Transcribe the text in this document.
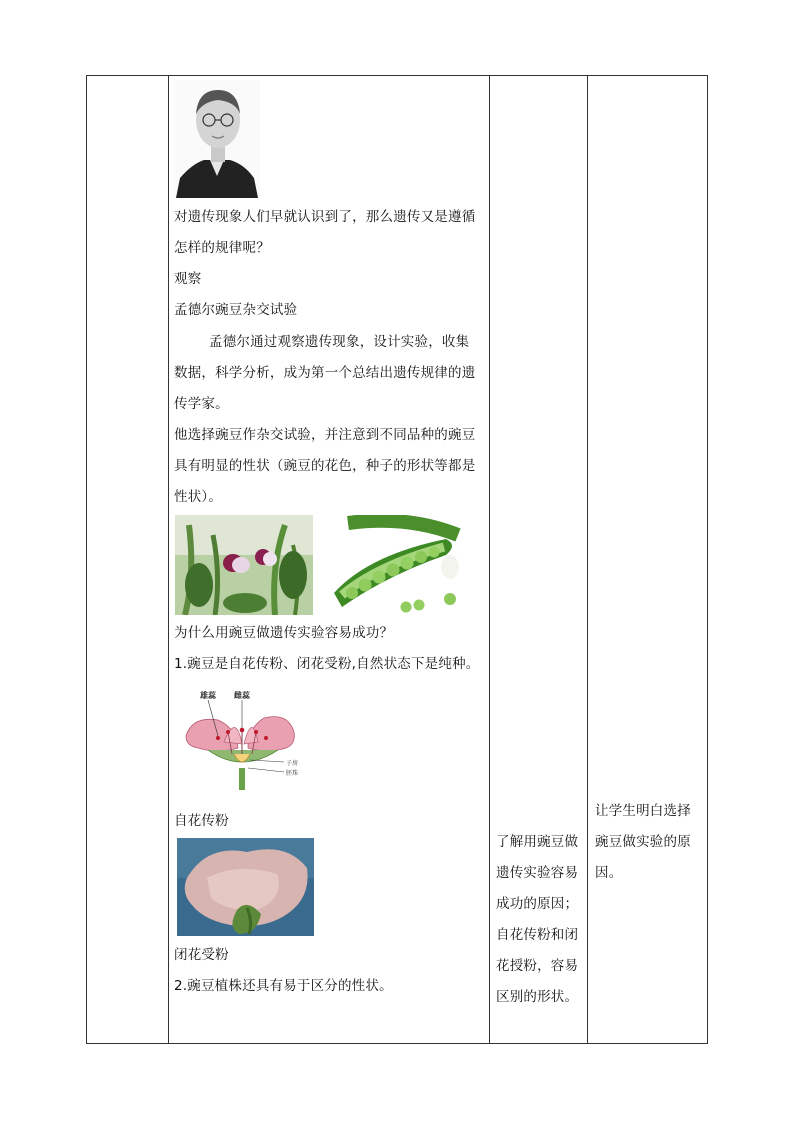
对遗传现象人们早就认识到了，那么遗传又是遵循
怎样的规律呢？
观察
孟德尔豌豆杂交试验
孟德尔通过观察遗传现象，设计实验，收集
数据，科学分析，成为第一个总结出遗传规律的遗
传学家。
他选择豌豆作杂交试验，并注意到不同品种的豌豆
具有明显的性状（豌豆的花色，种子的形状等都是
性状）。
为什么用豌豆做遗传实验容易成功？
1.豌豆是自花传粉、闭花受粉,自然状态下是纯种。
雄蕊 雌蕊
子房
胚珠
自花传粉
闭花受粉
2.豌豆植株还具有易于区分的性状。
了解用豌豆做
遗传实验容易
成功的原因；
自花传粉和闭
花授粉，容易
区别的形状。
让学生明白选择
豌豆做实验的原
因。
